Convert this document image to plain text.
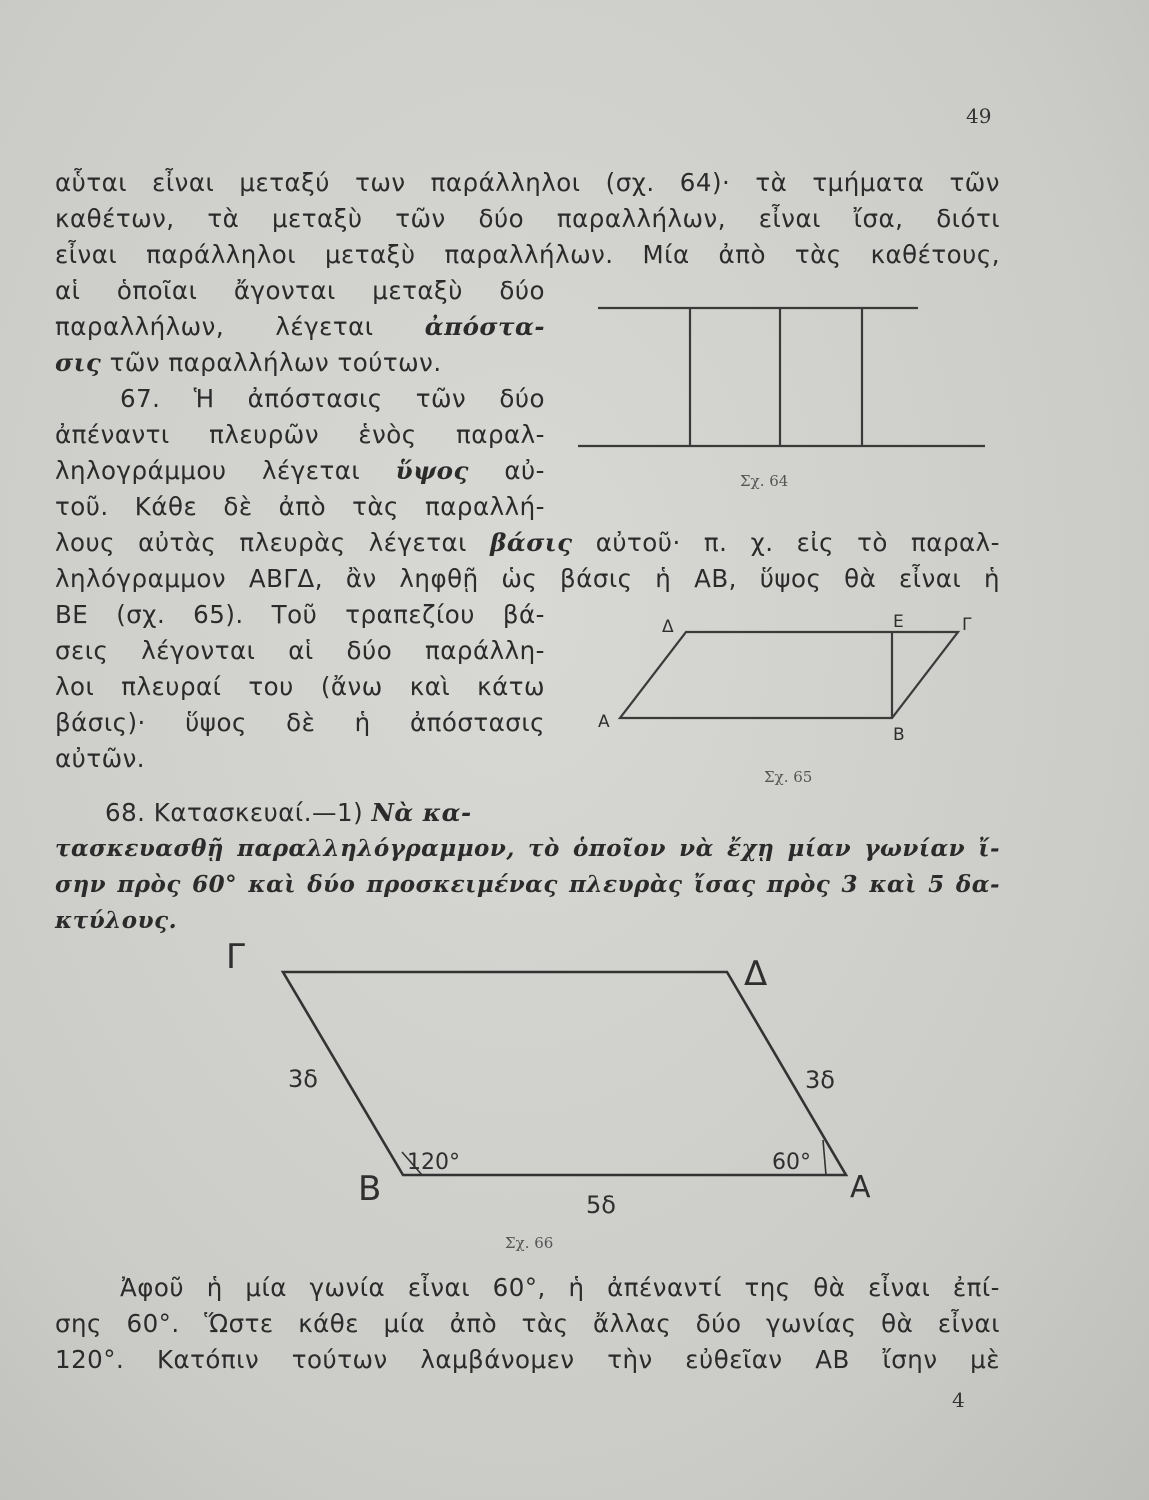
49
αὗται εἶναι μεταξύ των παράλληλοι (σχ. 64)· τὰ τμήματα τῶν
καθέτων, τὰ μεταξὺ τῶν δύο παραλλήλων, εἶναι ἴσα, διότι
εἶναι παράλληλοι μεταξὺ παραλλήλων. Μία ἀπὸ τὰς καθέτους,
αἱ ὁποῖαι ἄγονται μεταξὺ δύο
παραλλήλων, λέγεται ἀπόστα-
σις τῶν παραλλήλων τούτων.
67. Ἡ ἀπόστασις τῶν δύο
ἀπέναντι πλευρῶν ἑνὸς παραλ-
ληλογράμμου λέγεται ὕψος αὐ-
τοῦ. Κάθε δὲ ἀπὸ τὰς παραλλή-
λους αὐτὰς πλευρὰς λέγεται βάσις αὐτοῦ· π. χ. εἰς τὸ παραλ-
ληλόγραμμον ΑΒΓΔ, ἂν ληφθῇ ὡς βάσις ἡ ΑΒ, ὕψος θὰ εἶναι ἡ
ΒΕ (σχ. 65). Τοῦ τραπεζίου βά-
σεις λέγονται αἱ δύο παράλλη-
λοι πλευραί του (ἄνω καὶ κάτω
βάσις)· ὕψος δὲ ἡ ἀπόστασις
αὐτῶν.
68. Κατασκευαί.—1) Νὰ κα-
τασκευασθῇ παραλληλόγραμμον, τὸ ὁποῖον νὰ ἔχῃ μίαν γωνίαν ἴ-
σην πρὸς 60° καὶ δύο προσκειμένας πλευρὰς ἴσας πρὸς 3 καὶ 5 δα-
κτύλους.
Δ	Ε	Γ
Α
Β
Γ	Δ
Β	Α
3δ	3δ
5δ
120°	60°
Σχ. 64
Σχ. 65
Σχ. 66
Ἀφοῦ ἡ μία γωνία εἶναι 60°, ἡ ἀπέναντί της θὰ εἶναι ἐπί-
σης 60°. Ὥστε κάθε μία ἀπὸ τὰς ἄλλας δύο γωνίας θὰ εἶναι
120°. Κατόπιν τούτων λαμβάνομεν τὴν εὐθεῖαν ΑΒ ἴσην μὲ
4
